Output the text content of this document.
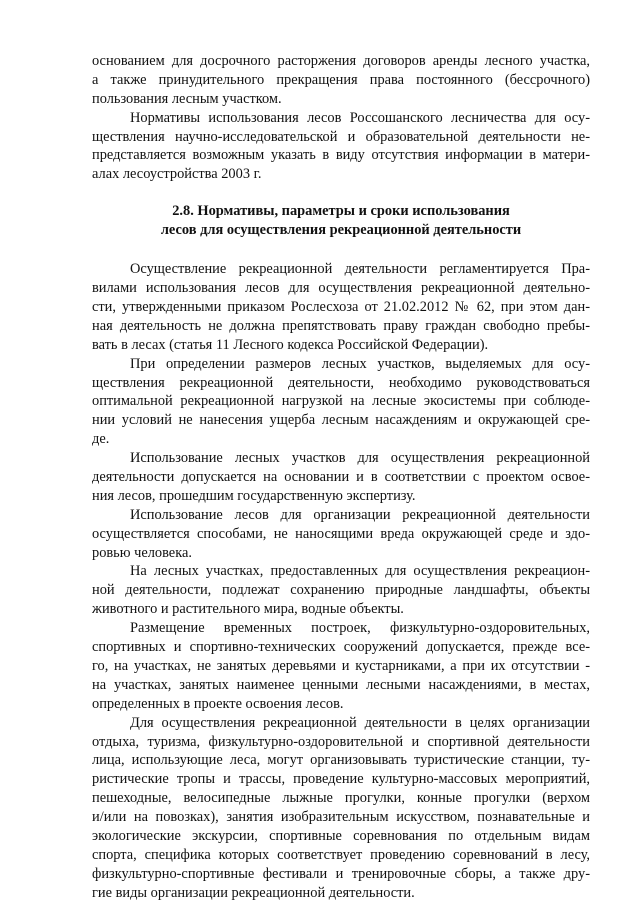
основанием для досрочного расторжения договоров аренды лесного участка,
а также принудительного прекращения права постоянного (бессрочного)
пользования лесным участком.
Нормативы использования лесов Россошанского лесничества для осу-
ществления научно-исследовательской и образовательной деятельности не-
представляется возможным указать в виду отсутствия информации в матери-
алах лесоустройства 2003 г.
2.8. Нормативы, параметры и сроки использования
лесов для осуществления рекреационной деятельности
Осуществление рекреационной деятельности регламентируется Пра-
вилами использования лесов для осуществления рекреационной деятельно-
сти, утвержденными приказом Рослесхоза от 21.02.2012 № 62, при этом дан-
ная деятельность не должна препятствовать праву граждан свободно пребы-
вать в лесах (статья 11 Лесного кодекса Российской Федерации).
При определении размеров лесных участков, выделяемых для осу-
ществления рекреационной деятельности, необходимо руководствоваться
оптимальной рекреационной нагрузкой на лесные экосистемы при соблюде-
нии условий не нанесения ущерба лесным насаждениям и окружающей сре-
де.
Использование лесных участков для осуществления рекреационной
деятельности допускается на основании и в соответствии с проектом освое-
ния лесов, прошедшим государственную экспертизу.
Использование лесов для организации рекреационной деятельности
осуществляется способами, не наносящими вреда окружающей среде и здо-
ровью человека.
На лесных участках, предоставленных для осуществления рекреацион-
ной деятельности, подлежат сохранению природные ландшафты, объекты
животного и растительного мира, водные объекты.
Размещение временных построек, физкультурно-оздоровительных,
спортивных и спортивно-технических сооружений допускается, прежде все-
го, на участках, не занятых деревьями и кустарниками, а при их отсутствии -
на участках, занятых наименее ценными лесными насаждениями, в местах,
определенных в проекте освоения лесов.
Для осуществления рекреационной деятельности в целях организации
отдыха, туризма, физкультурно-оздоровительной и спортивной деятельности
лица, использующие леса, могут организовывать туристические станции, ту-
ристические тропы и трассы, проведение культурно-массовых мероприятий,
пешеходные, велосипедные лыжные прогулки, конные прогулки (верхом
и/или на повозках), занятия изобразительным искусством, познавательные и
экологические экскурсии, спортивные соревнования по отдельным видам
спорта, специфика которых соответствует проведению соревнований в лесу,
физкультурно-спортивные фестивали и тренировочные сборы, а также дру-
гие виды организации рекреационной деятельности.
